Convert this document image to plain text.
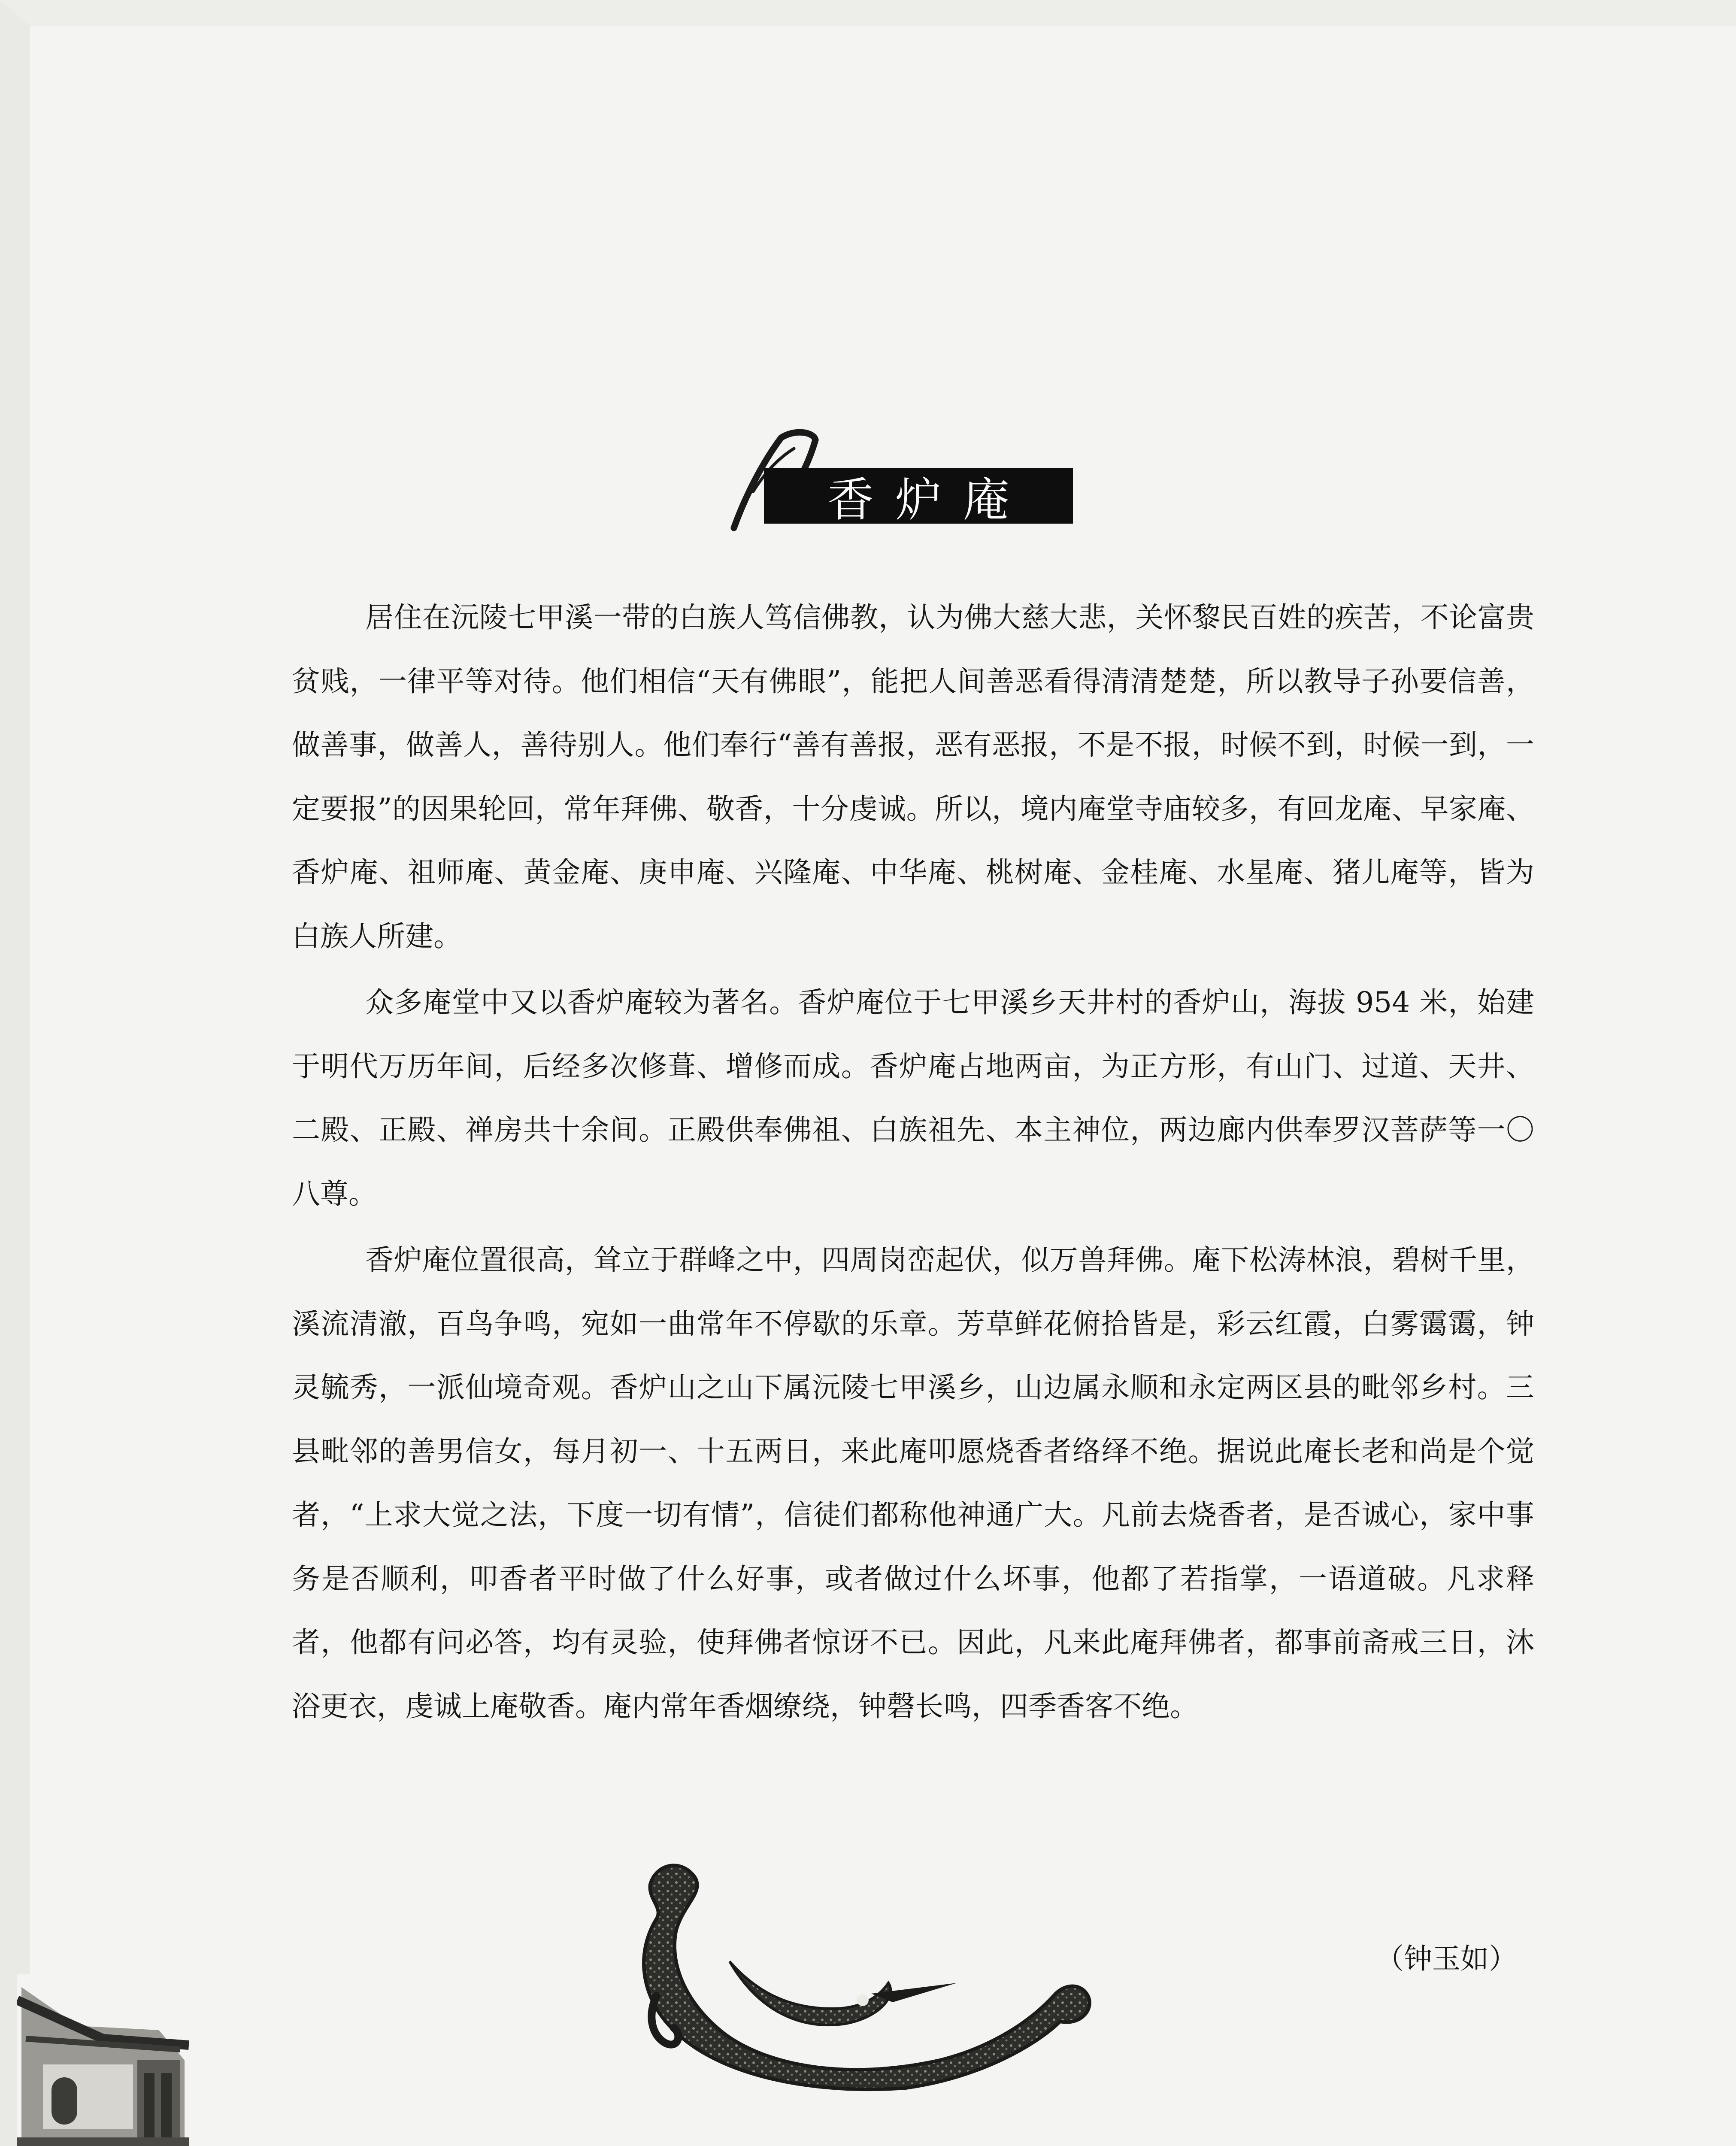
香炉庵

居住在沅陵七甲溪一带的白族人笃信佛教，认为佛大慈大悲，关怀黎民百姓的疾苦，不论富贵贫贱，一律平等对待。他们相信“天有佛眼”，能把人间善恶看得清清楚楚，所以教导子孙要信善，做善事，做善人，善待别人。他们奉行“善有善报，恶有恶报，不是不报，时候不到，时候一到，一定要报”的因果轮回，常年拜佛、敬香，十分虔诚。所以，境内庵堂寺庙较多，有回龙庵、早家庵、香炉庵、祖师庵、黄金庵、庚申庵、兴隆庵、中华庵、桃树庵、金桂庵、水星庵、猪儿庵等，皆为白族人所建。

众多庵堂中又以香炉庵较为著名。香炉庵位于七甲溪乡天井村的香炉山，海拔 954 米，始建于明代万历年间，后经多次修葺、增修而成。香炉庵占地两亩，为正方形，有山门、过道、天井、二殿、正殿、禅房共十余间。正殿供奉佛祖、白族祖先、本主神位，两边廊内供奉罗汉菩萨等一〇八尊。

香炉庵位置很高，耸立于群峰之中，四周岗峦起伏，似万兽拜佛。庵下松涛林浪，碧树千里，溪流清澈，百鸟争鸣，宛如一曲常年不停歇的乐章。芳草鲜花俯拾皆是，彩云红霞，白雾霭霭，钟灵毓秀，一派仙境奇观。香炉山之山下属沅陵七甲溪乡，山边属永顺和永定两区县的毗邻乡村。三县毗邻的善男信女，每月初一、十五两日，来此庵叩愿烧香者络绎不绝。据说此庵长老和尚是个觉者，“上求大觉之法，下度一切有情”，信徒们都称他神通广大。凡前去烧香者，是否诚心，家中事务是否顺利，叩香者平时做了什么好事，或者做过什么坏事，他都了若指掌，一语道破。凡求释者，他都有问必答，均有灵验，使拜佛者惊讶不已。因此，凡来此庵拜佛者，都事前斋戒三日，沐浴更衣，虔诚上庵敬香。庵内常年香烟缭绕，钟磬长鸣，四季香客不绝。

（钟玉如）
